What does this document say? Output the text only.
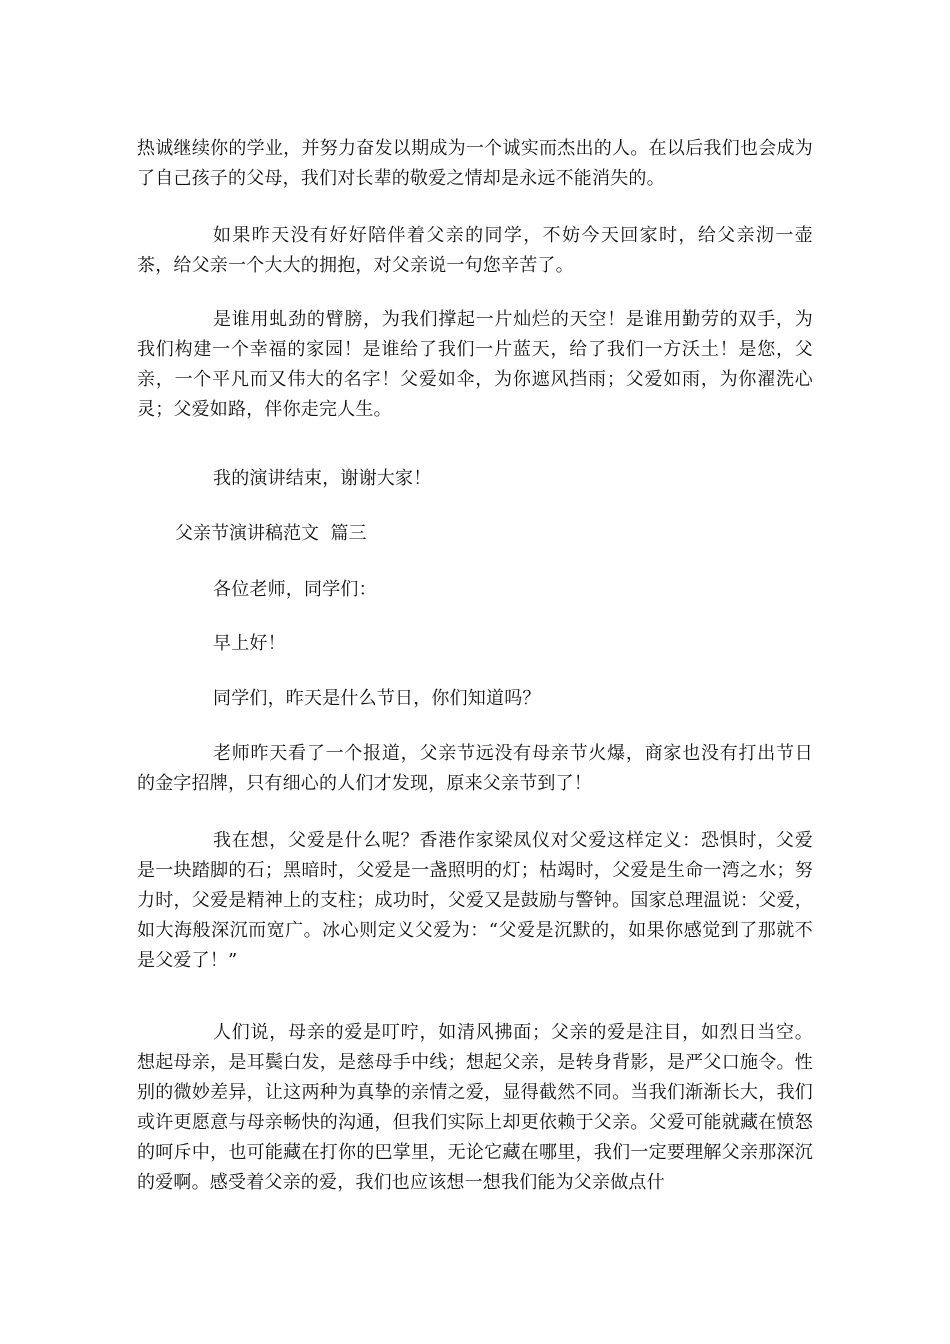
热诚继续你的学业，并努力奋发以期成为一个诚实而杰出的人。在以后我们也会成为了自己孩子的父母，我们对长辈的敬爱之情却是永远不能消失的。

如果昨天没有好好陪伴着父亲的同学，不妨今天回家时，给父亲沏一壶茶，给父亲一个大大的拥抱，对父亲说一句您辛苦了。

是谁用虬劲的臂膀，为我们撑起一片灿烂的天空！是谁用勤劳的双手，为我们构建一个幸福的家园！是谁给了我们一片蓝天，给了我们一方沃土！是您，父亲，一个平凡而又伟大的名字！父爱如伞，为你遮风挡雨；父爱如雨，为你濯洗心灵；父爱如路，伴你走完人生。

我的演讲结束，谢谢大家！

父亲节演讲稿范文  篇三

各位老师，同学们：

早上好！

同学们，昨天是什么节日，你们知道吗？

老师昨天看了一个报道，父亲节远没有母亲节火爆，商家也没有打出节日的金字招牌，只有细心的人们才发现，原来父亲节到了！

我在想，父爱是什么呢？香港作家梁凤仪对父爱这样定义：恐惧时，父爱是一块踏脚的石；黑暗时，父爱是一盏照明的灯；枯竭时，父爱是生命一湾之水；努力时，父爱是精神上的支柱；成功时，父爱又是鼓励与警钟。国家总理温说：父爱，如大海般深沉而宽广。冰心则定义父爱为：“父爱是沉默的，如果你感觉到了那就不是父爱了！”

人们说，母亲的爱是叮咛，如清风拂面；父亲的爱是注目，如烈日当空。想起母亲，是耳鬓白发，是慈母手中线；想起父亲，是转身背影，是严父口施令。性别的微妙差异，让这两种为真挚的亲情之爱，显得截然不同。当我们渐渐长大，我们或许更愿意与母亲畅快的沟通，但我们实际上却更依赖于父亲。父爱可能就藏在愤怒的呵斥中，也可能藏在打你的巴掌里，无论它藏在哪里，我们一定要理解父亲那深沉的爱啊。感受着父亲的爱，我们也应该想一想我们能为父亲做点什
